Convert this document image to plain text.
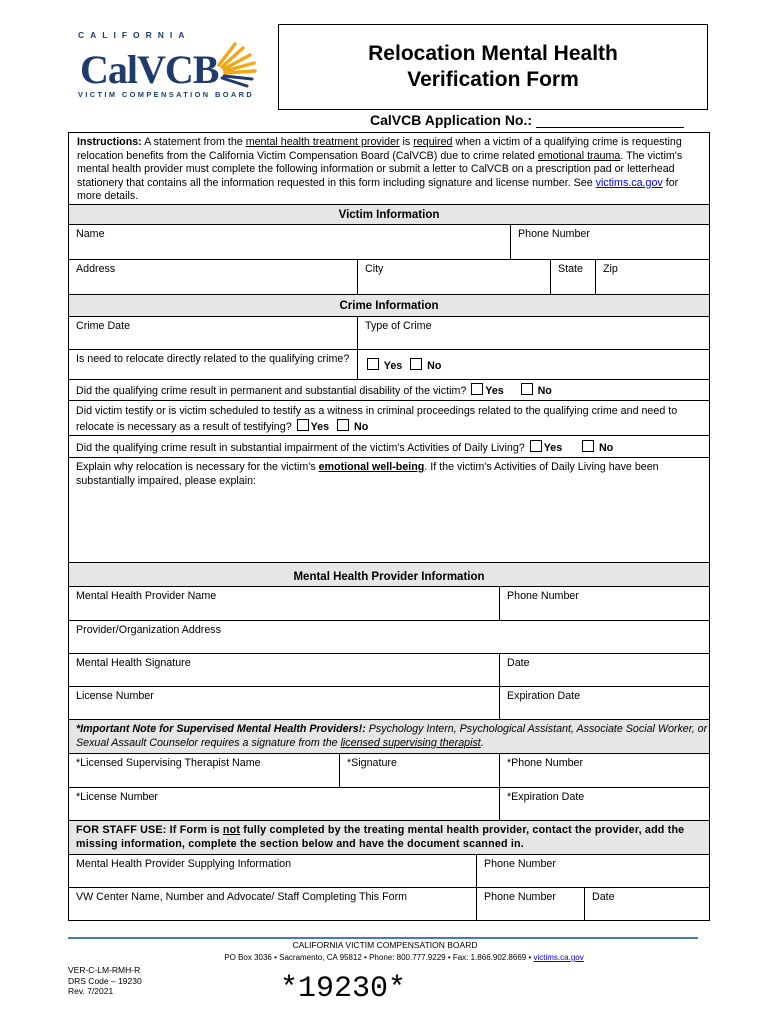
CALIFORNIA
CalVCB
VICTIM COMPENSATION BOARD
Relocation Mental Health
Verification Form
CalVCB Application No.:
Instructions: A statement from the mental health treatment provider is required when a victim of a qualifying crime is requesting relocation benefits from the California Victim Compensation Board (CalVCB) due to crime related emotional trauma. The victim's mental health provider must complete the following information or submit a letter to CalVCB on a prescription pad or letterhead stationery that contains all the information requested in this form including signature and license number. See victims.ca.gov for more details.
Victim Information
Name	Phone Number
Address	City	State	Zip
Crime Information
Crime Date	Type of Crime
Is need to relocate directly related to the qualifying crime?
Yes No
Did the qualifying crime result in permanent and substantial disability of the victim? Yes	No
Did victim testify or is victim scheduled to testify as a witness in criminal proceedings related to the qualifying crime and need to relocate is necessary as a result of testifying? Yes No
Did the qualifying crime result in substantial impairment of the victim's Activities of Daily Living? Yes	No
Explain why relocation is necessary for the victim's emotional well-being. If the victim's Activities of Daily Living have been substantially impaired, please explain:
Mental Health Provider Information
Mental Health Provider Name	Phone Number
Provider/Organization Address
Mental Health Signature	Date
License Number	Expiration Date
*Important Note for Supervised Mental Health Providers!: Psychology Intern, Psychological Assistant, Associate Social Worker, or Sexual Assault Counselor requires a signature from the licensed supervising therapist.
*Licensed Supervising Therapist Name	*Signature	*Phone Number
*License Number	*Expiration Date
FOR STAFF USE: If Form is not fully completed by the treating mental health provider, contact the provider, add the missing information, complete the section below and have the document scanned in.
Mental Health Provider Supplying Information	Phone Number
VW Center Name, Number and Advocate/ Staff Completing This Form	Phone Number	Date
CALIFORNIA VICTIM COMPENSATION BOARD
PO Box 3036 • Sacramento, CA 95812 • Phone: 800.777.9229 • Fax: 1.866.902.8669 • victims.ca.gov
VER-C-LM-RMH-R
DRS Code – 19230
Rev. 7/2021	*19230*
